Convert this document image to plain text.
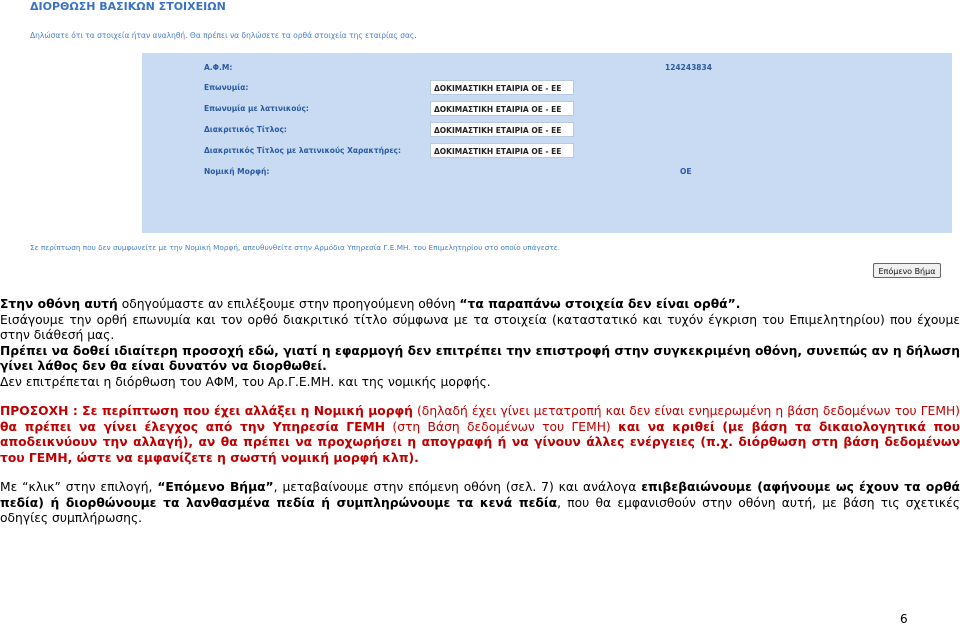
ΔΙΟΡΘΩΣΗ ΒΑΣΙΚΩΝ ΣΤΟΙΧΕΙΩΝ
Δηλώσατε ότι τα στοιχεία ήταν αναληθή. Θα πρέπει να δηλώσετε τα ορθά στοιχεία της εταιρίας σας.
Α.Φ.Μ:	124243834
Επωνυμία:	ΔΟΚΙΜΑΣΤΙΚΗ ΕΤΑΙΡΙΑ ΟΕ - ΕΕ
Επωνυμία με λατινικούς:	ΔΟΚΙΜΑΣΤΙΚΗ ΕΤΑΙΡΙΑ ΟΕ - ΕΕ
Διακριτικός Τίτλος:	ΔΟΚΙΜΑΣΤΙΚΗ ΕΤΑΙΡΙΑ ΟΕ - ΕΕ
Διακριτικός Τίτλος με λατινικούς Χαρακτήρες:	ΔΟΚΙΜΑΣΤΙΚΗ ΕΤΑΙΡΙΑ ΟΕ - ΕΕ
Νομική Μορφή:	ΟΕ
Σε περίπτωση που δεν συμφωνείτε με την Νομική Μορφή, απευθυνθείτε στην Αρμόδια Υπηρεσία Γ.Ε.ΜΗ. του Επιμελητηρίου στο οποίο υπάγεστε.
Επόμενο Βήμα

Στην οθόνη αυτή οδηγούμαστε αν επιλέξουμε στην προηγούμενη οθόνη “τα παραπάνω στοιχεία δεν είναι ορθά”.

Εισάγουμε την ορθή επωνυμία και τον ορθό διακριτικό τίτλο σύμφωνα με τα στοιχεία (καταστατικό και τυχόν έγκριση του Επιμελητηρίου) που έχουμε στην διάθεσή μας.

Πρέπει να δοθεί ιδιαίτερη προσοχή εδώ, γιατί η εφαρμογή δεν επιτρέπει την επιστροφή στην συγκεκριμένη οθόνη, συνεπώς αν η δήλωση γίνει λάθος δεν θα είναι δυνατόν να διορθωθεί.

Δεν επιτρέπεται η διόρθωση του ΑΦΜ, του Αρ.Γ.Ε.ΜΗ. και της νομικής μορφής.

ΠΡΟΣΟΧΗ : Σε περίπτωση που έχει αλλάξει η Νομική μορφή (δηλαδή έχει γίνει μετατροπή και δεν είναι ενημερωμένη η βάση δεδομένων του ΓΕΜΗ) θα πρέπει να γίνει έλεγχος από την Υπηρεσία ΓΕΜΗ (στη Βάση δεδομένων του ΓΕΜΗ) και να κριθεί (με βάση τα δικαιολογητικά που αποδεικνύουν την αλλαγή), αν θα πρέπει να προχωρήσει η απογραφή ή να γίνουν άλλες ενέργειες (π.χ. διόρθωση στη βάση δεδομένων του ΓΕΜΗ, ώστε να εμφανίζετε η σωστή νομική μορφή κλπ).

Με “κλικ” στην επιλογή, “Επόμενο Βήμα”, μεταβαίνουμε στην επόμενη οθόνη (σελ. 7) και ανάλογα επιβεβαιώνουμε (αφήνουμε ως έχουν τα ορθά πεδία) ή διορθώνουμε τα λανθασμένα πεδία ή συμπληρώνουμε τα κενά πεδία, που θα εμφανισθούν στην οθόνη αυτή, με βάση τις σχετικές οδηγίες συμπλήρωσης.

6
